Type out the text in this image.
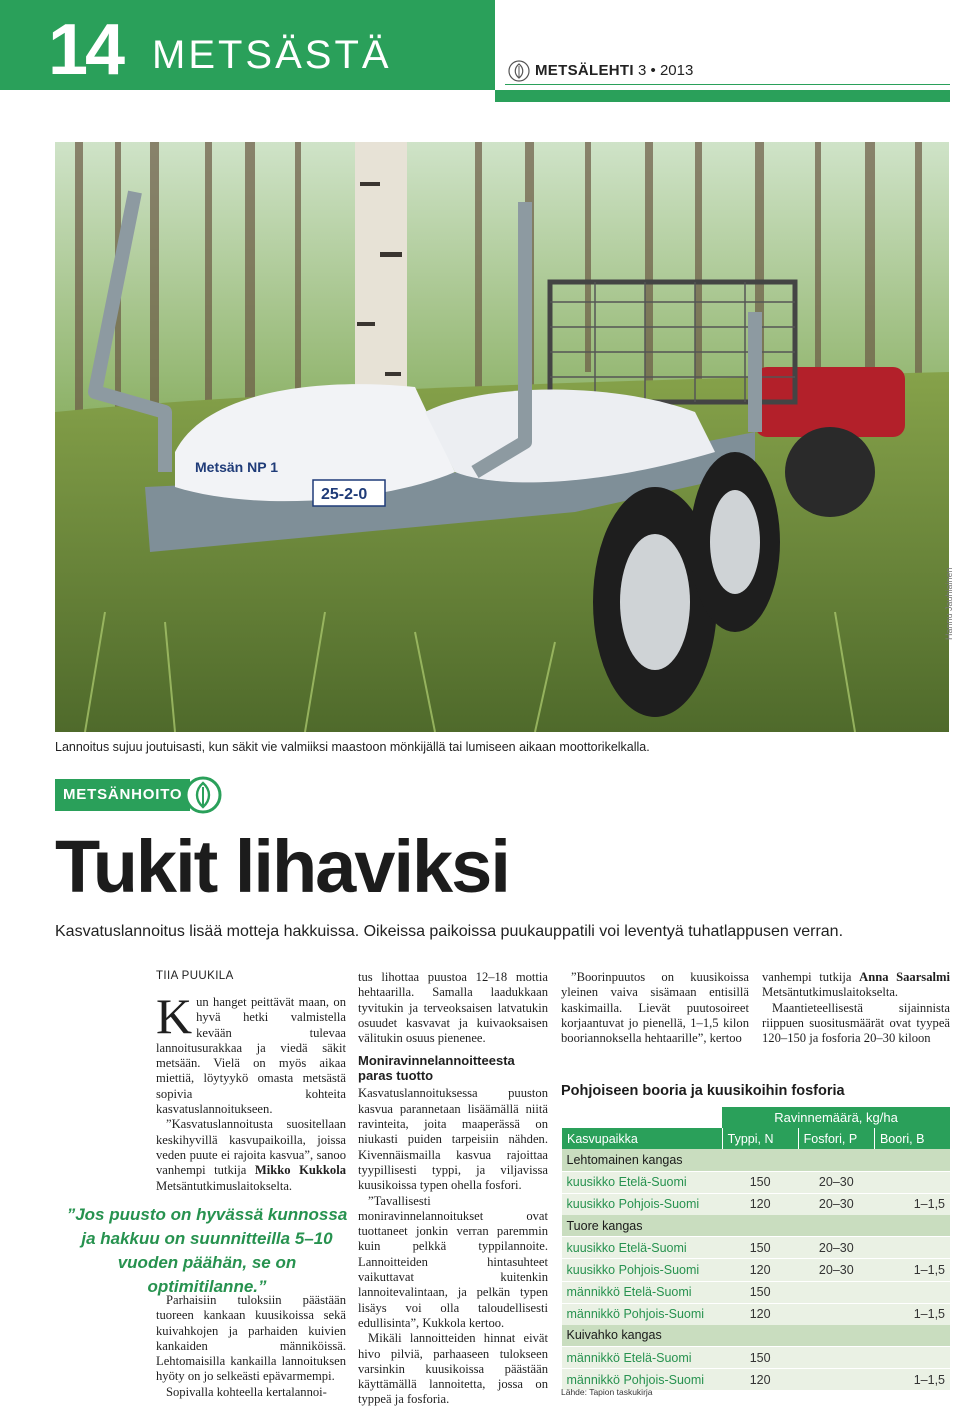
14 METSÄSTÄ	METSÄLEHTI 3 • 2013
Metsän NP 1
25-2-0
Hannu Jauhiainen
Lannoitus sujuu joutuisasti, kun säkit vie valmiiksi maastoon mönkijällä tai lumiseen aikaan moottorikelkalla.
METSÄNHOITO
Tukit lihaviksi
Kasvatuslannoitus lisää motteja hakkuissa. Oikeissa paikoissa puukauppatili voi leventyä tuhatlappusen verran.
TIIA PUUKILA

Kun hanget peittävät maan, on hyvä hetki valmistella kevään tulevaa lannoitusurakkaa ja viedä säkit metsään. Vielä on myös aikaa miettiä, löytyykö omasta metsästä sopivia kohteita kasvatuslannoitukseen.

”Kasvatuslannoitusta suositellaan keskihyvillä kasvupaikoilla, joissa veden puute ei rajoita kasvua”, sanoo vanhempi tutkija Mikko Kukkola Metsäntutkimuslaitokselta.

”Jos puusto on hyvässä kunnossa ja hakkuu on suunnitteilla 5–10 vuoden päähän, se on optimitilanne.”

Parhaisiin tuloksiin päästään tuoreen kankaan kuusikoissa sekä kuivahkojen ja parhaiden kuivien kankaiden männiköissä. Lehtomaisilla kankailla lannoituksen hyöty on jo selkeästi epävarmempi.

Sopivalla kohteella kertalannoi-

tus lihottaa puustoa 12–18 mottia hehtaarilla. Samalla laadukkaan tyvitukin ja terveoksaisen latvatukin osuudet kasvavat ja kuivaoksaisen välitukin osuus pienenee.

Moniravinnelannoitteesta paras tuotto

Kasvatuslannoituksessa puuston kasvua parannetaan lisäämällä niitä ravinteita, joita maaperässä on niukasti puiden tarpeisiin nähden. Kivennäismailla kasvua rajoittaa tyypillisesti typpi, ja viljavissa kuusikoissa typen ohella fosfori.

”Tavallisesti moniravinnelannoitukset ovat tuottaneet jonkin verran paremmin kuin pelkkä typpilannoite. Lannoitteiden hintasuhteet vaikuttavat kuitenkin lannoitevalintaan, ja pelkän typen lisäys voi olla taloudellisesti edullisinta”, Kukkola kertoo.

Mikäli lannoitteiden hinnat eivät hivo pilviä, parhaaseen tulokseen varsinkin kuusikoissa päästään käyttämällä lannoitetta, jossa on typpeä ja fosforia.

”Boorinpuutos on kuusikoissa yleinen vaiva sisämaan entisillä kaskimailla. Lievät puutosoireet korjaantuvat jo pienellä, 1–1,5 kilon booriannoksella hehtaarille”, kertoo

vanhempi tutkija Anna Saarsalmi Metsäntutkimuslaitokselta.

Maantieteellisestä sijainnista riippuen suositusmäärät ovat tyypeä 120–150 ja fosforia 20–30 kiloon

Pohjoiseen booria ja kuusikoihin fosforia
	Ravinnemäärä, kg/ha		
Kasvupaikka	Typpi, N	Fosfori, P	Boori, B
Lehtomainen kangas			
kuusikko Etelä-Suomi	150	20–30	
kuusikko Pohjois-Suomi	120	20–30	1–1,5
Tuore kangas			
kuusikko Etelä-Suomi	150	20–30	
kuusikko Pohjois-Suomi	120	20–30	1–1,5
männikkö Etelä-Suomi	150		
männikkö Pohjois-Suomi	120		1–1,5
Kuivahko kangas			
männikkö Etelä-Suomi	150		
männikkö Pohjois-Suomi	120		1–1,5
Lähde: Tapion taskukirja
